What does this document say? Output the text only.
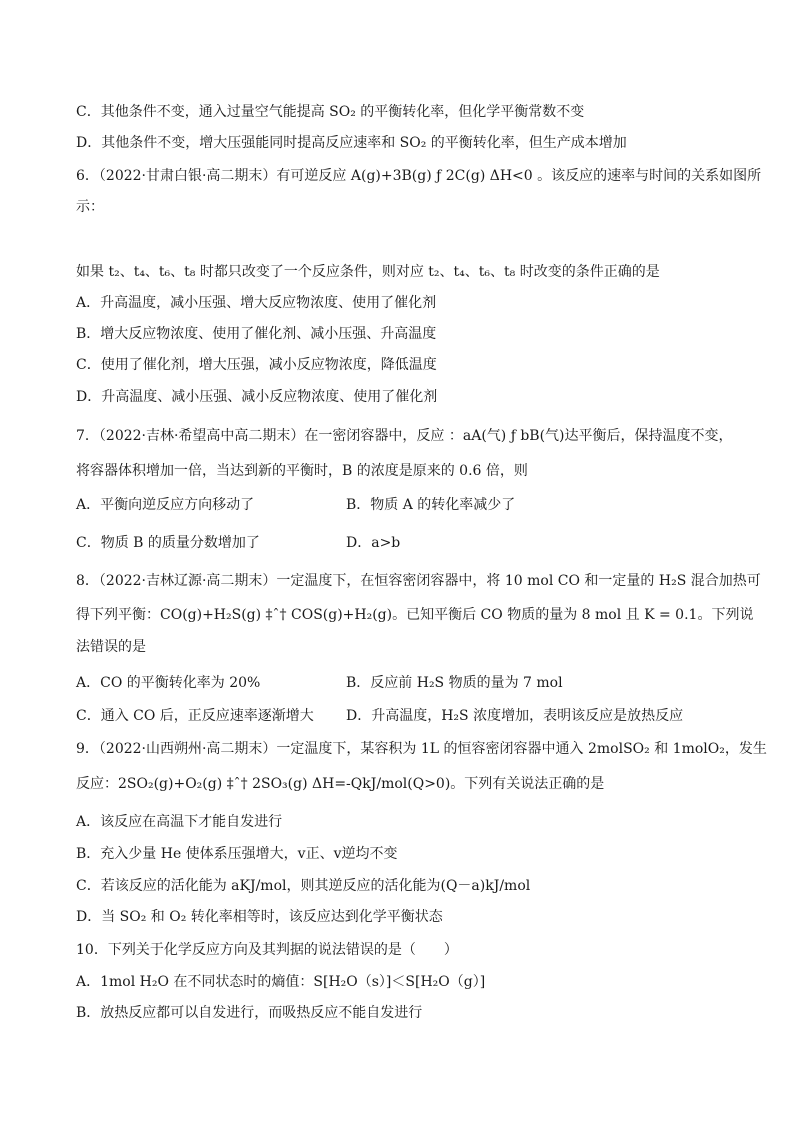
C．其他条件不变，通入过量空气能提高 SO₂ 的平衡转化率，但化学平衡常数不变
D．其他条件不变，增大压强能同时提高反应速率和 SO₂ 的平衡转化率，但生产成本增加
6．（2022·甘肃白银·高二期末）有可逆反应 A(g)+3B(g) ƒ 2C(g) ΔH<0 。该反应的速率与时间的关系如图所
示：
如果 t₂、t₄、t₆、t₈ 时都只改变了一个反应条件，则对应 t₂、t₄、t₆、t₈ 时改变的条件正确的是
A．升高温度，减小压强、增大反应物浓度、使用了催化剂
B．增大反应物浓度、使用了催化剂、减小压强、升高温度
C．使用了催化剂，增大压强，减小反应物浓度，降低温度
D．升高温度、减小压强、减小反应物浓度、使用了催化剂
7．（2022·吉林·希望高中高二期末）在一密闭容器中，反应 ：aA(气) ƒ bB(气)达平衡后，保持温度不变，
将容器体积增加一倍，当达到新的平衡时，B 的浓度是原来的 0.6 倍，则
A．平衡向逆反应方向移动了	B．物质 A 的转化率减少了
C．物质 B 的质量分数增加了	D．a>b
8．（2022·吉林辽源·高二期末）一定温度下，在恒容密闭容器中，将 10 mol CO 和一定量的 H₂S 混合加热可
得下列平衡：CO(g)+H₂S(g) ‡ˆ† COS(g)+H₂(g)。已知平衡后 CO 物质的量为 8 mol 且 K = 0.1。下列说
法错误的是
A．CO 的平衡转化率为 20%	B．反应前 H₂S 物质的量为 7 mol
C．通入 CO 后，正反应速率逐渐增大 D．升高温度，H₂S 浓度增加，表明该反应是放热反应
9．（2022·山西朔州·高二期末）一定温度下，某容积为 1L 的恒容密闭容器中通入 2molSO₂ 和 1molO₂，发生
反应：2SO₂(g)+O₂(g) ‡ˆ† 2SO₃(g) ΔH=-QkJ/mol(Q>0)。下列有关说法正确的是
A．该反应在高温下才能自发进行
B．充入少量 He 使体系压强增大，v正、v逆均不变
C．若该反应的活化能为 aKJ/mol，则其逆反应的活化能为(Q－a)kJ/mol
D．当 SO₂ 和 O₂ 转化率相等时，该反应达到化学平衡状态
10．下列关于化学反应方向及其判据的说法错误的是（　　）
A．1mol H₂O 在不同状态时的熵值：S[H₂O（s）]＜S[H₂O（g）]
B．放热反应都可以自发进行，而吸热反应不能自发进行
